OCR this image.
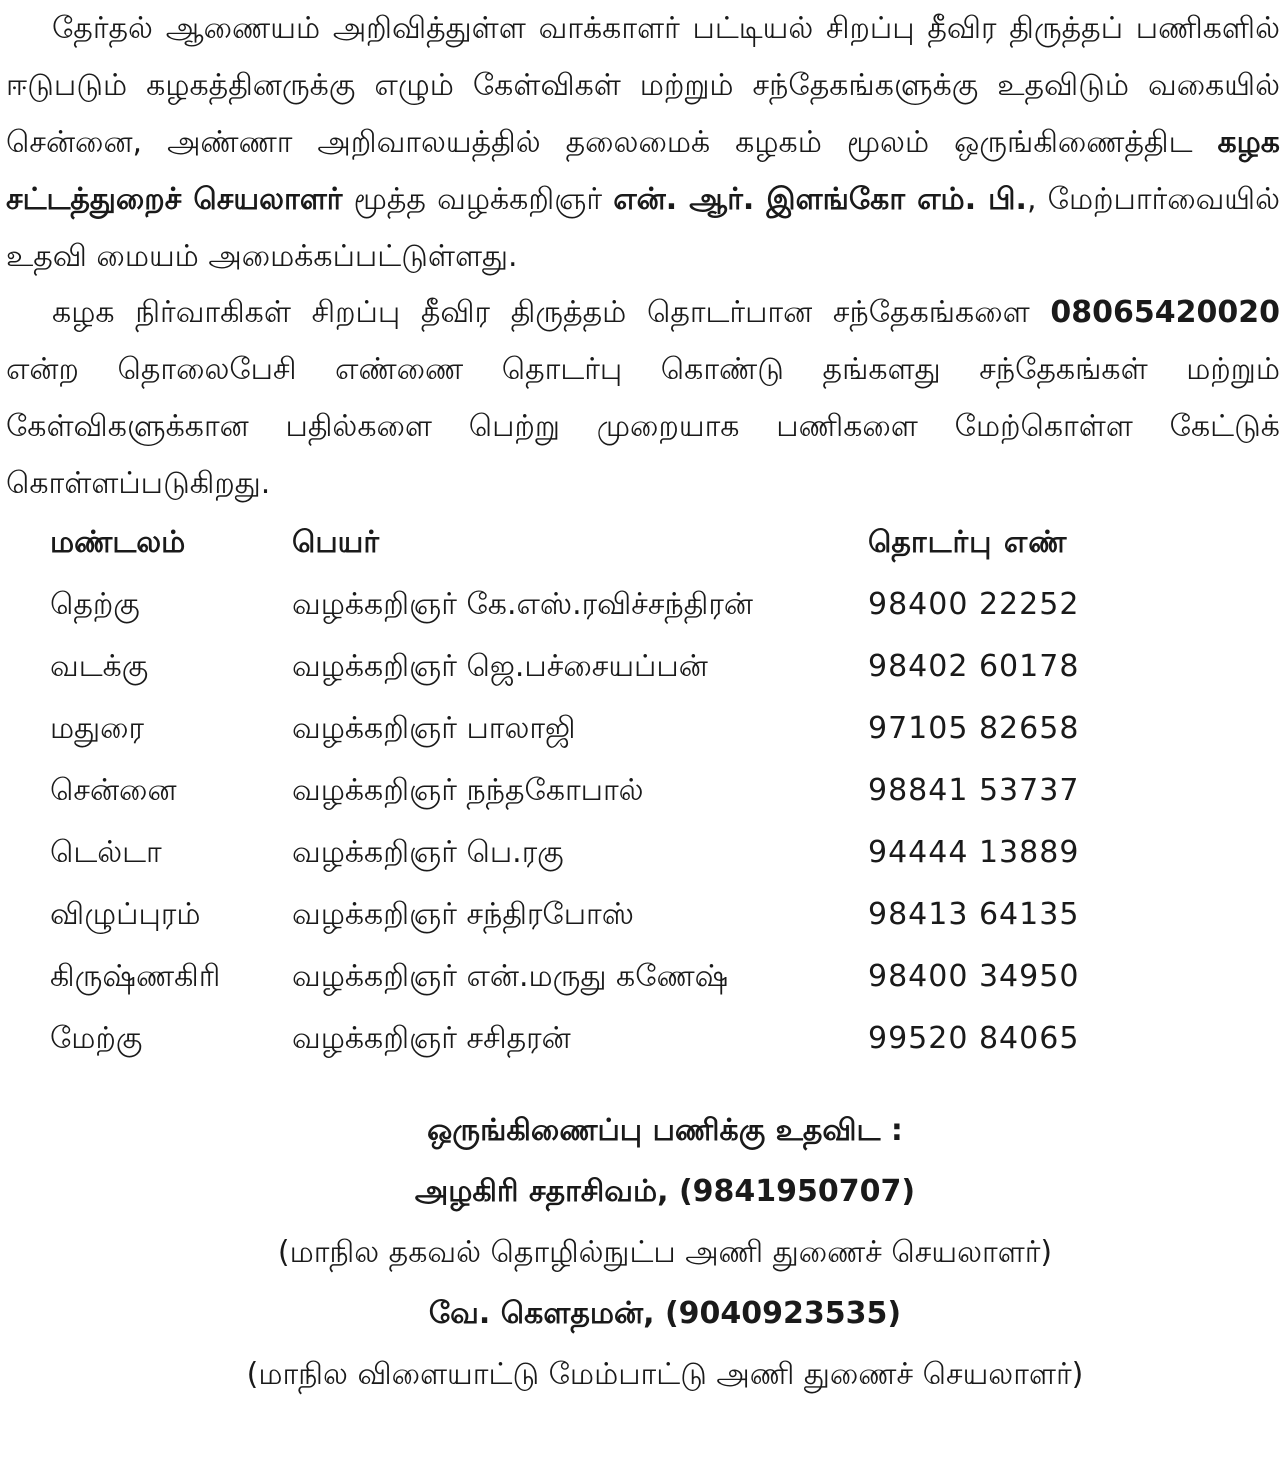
தேர்தல் ஆணையம் அறிவித்துள்ள வாக்காளர் பட்டியல் சிறப்பு தீவிர திருத்தப் பணிகளில் ஈடுபடும் கழகத்தினருக்கு எழும் கேள்விகள் மற்றும் சந்தேகங்களுக்கு உதவிடும் வகையில் சென்னை, அண்ணா அறிவாலயத்தில் தலைமைக் கழகம் மூலம் ஒருங்கிணைத்திட கழக சட்டத்துறைச் செயலாளர் மூத்த வழக்கறிஞர் என். ஆர். இளங்கோ எம். பி., மேற்பார்வையில் உதவி மையம் அமைக்கப்பட்டுள்ளது.

கழக நிர்வாகிகள் சிறப்பு தீவிர திருத்தம் தொடர்பான சந்தேகங்களை 08065420020 என்ற தொலைபேசி எண்ணை தொடர்பு கொண்டு தங்களது சந்தேகங்கள் மற்றும் கேள்விகளுக்கான பதில்களை பெற்று முறையாக பணிகளை மேற்கொள்ள கேட்டுக் கொள்ளப்படுகிறது.

மண்டலம்	பெயர்	தொடர்பு எண்
தெற்கு	வழக்கறிஞர் கே.எஸ்.ரவிச்சந்திரன்	98400 22252
வடக்கு	வழக்கறிஞர் ஜெ.பச்சையப்பன்	98402 60178
மதுரை	வழக்கறிஞர் பாலாஜி	97105 82658
சென்னை	வழக்கறிஞர் நந்தகோபால்	98841 53737
டெல்டா	வழக்கறிஞர் பெ.ரகு	94444 13889
விழுப்புரம்	வழக்கறிஞர் சந்திரபோஸ்	98413 64135
கிருஷ்ணகிரி வழக்கறிஞர் என்.மருது கணேஷ்	98400 34950
மேற்கு	வழக்கறிஞர் சசிதரன்	99520 84065
ஒருங்கிணைப்பு பணிக்கு உதவிட :
அழகிரி சதாசிவம், (9841950707)
(மாநில தகவல் தொழில்நுட்ப அணி துணைச் செயலாளர்)
வே. கௌதமன், (9040923535)
(மாநில விளையாட்டு மேம்பாட்டு அணி துணைச் செயலாளர்)
